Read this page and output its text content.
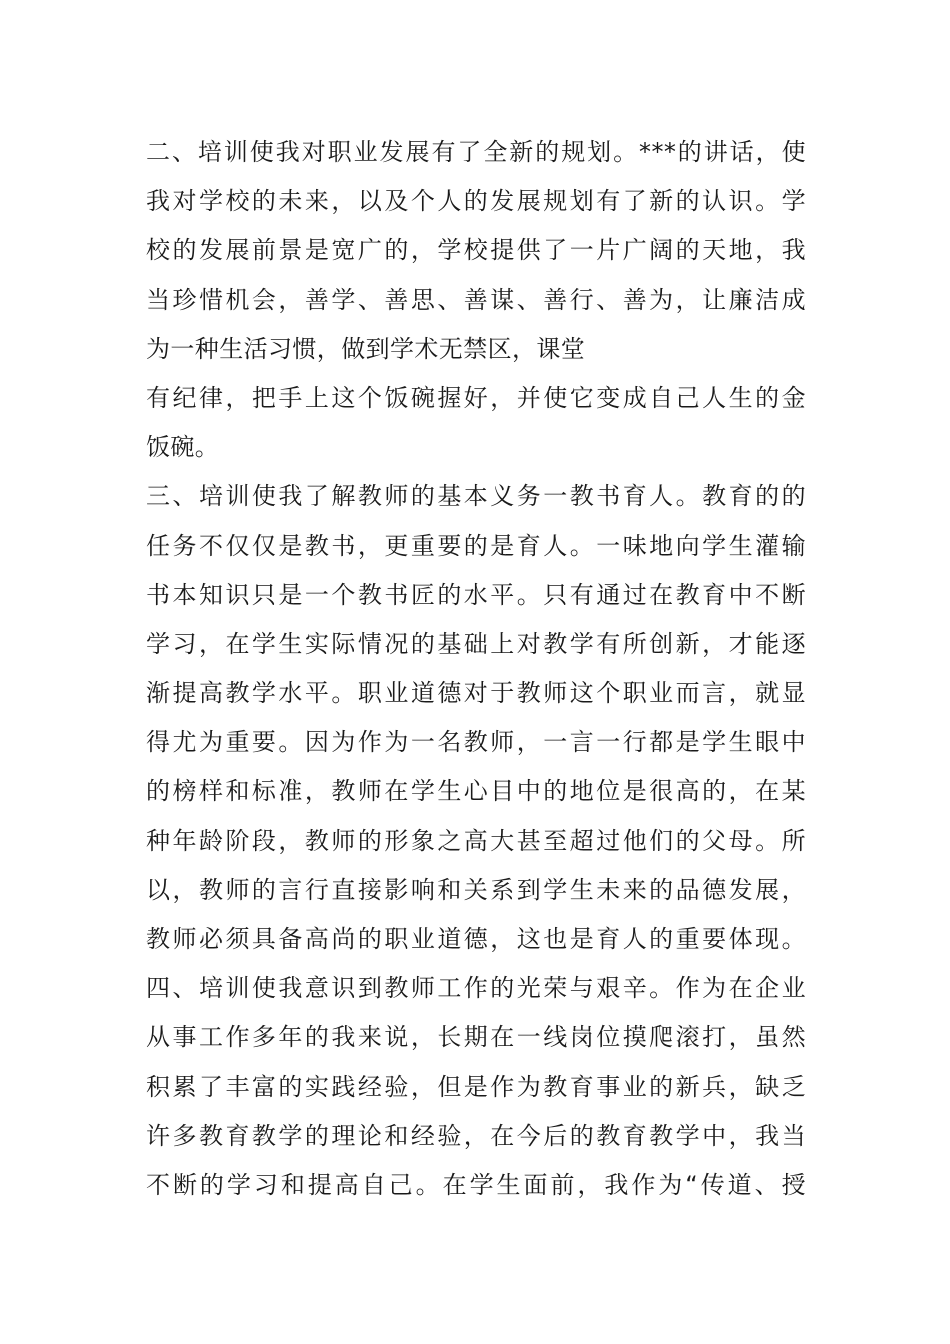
二、培训使我对职业发展有了全新的规划。***的讲话，使
我对学校的未来，以及个人的发展规划有了新的认识。学
校的发展前景是宽广的，学校提供了一片广阔的天地，我
当珍惜机会，善学、善思、善谋、善行、善为，让廉洁成
为一种生活习惯，做到学术无禁区，课堂
有纪律，把手上这个饭碗握好，并使它变成自己人生的金
饭碗。
三、培训使我了解教师的基本义务一教书育人。教育的的
任务不仅仅是教书，更重要的是育人。一味地向学生灌输
书本知识只是一个教书匠的水平。只有通过在教育中不断
学习，在学生实际情况的基础上对教学有所创新，才能逐
渐提高教学水平。职业道德对于教师这个职业而言，就显
得尤为重要。因为作为一名教师，一言一行都是学生眼中
的榜样和标准，教师在学生心目中的地位是很高的，在某
种年龄阶段，教师的形象之高大甚至超过他们的父母。所
以，教师的言行直接影响和关系到学生未来的品德发展，
教师必须具备高尚的职业道德，这也是育人的重要体现。
四、培训使我意识到教师工作的光荣与艰辛。作为在企业
从事工作多年的我来说，长期在一线岗位摸爬滚打，虽然
积累了丰富的实践经验，但是作为教育事业的新兵，缺乏
许多教育教学的理论和经验，在今后的教育教学中，我当
不断的学习和提高自己。在学生面前，我作为“传道、授
